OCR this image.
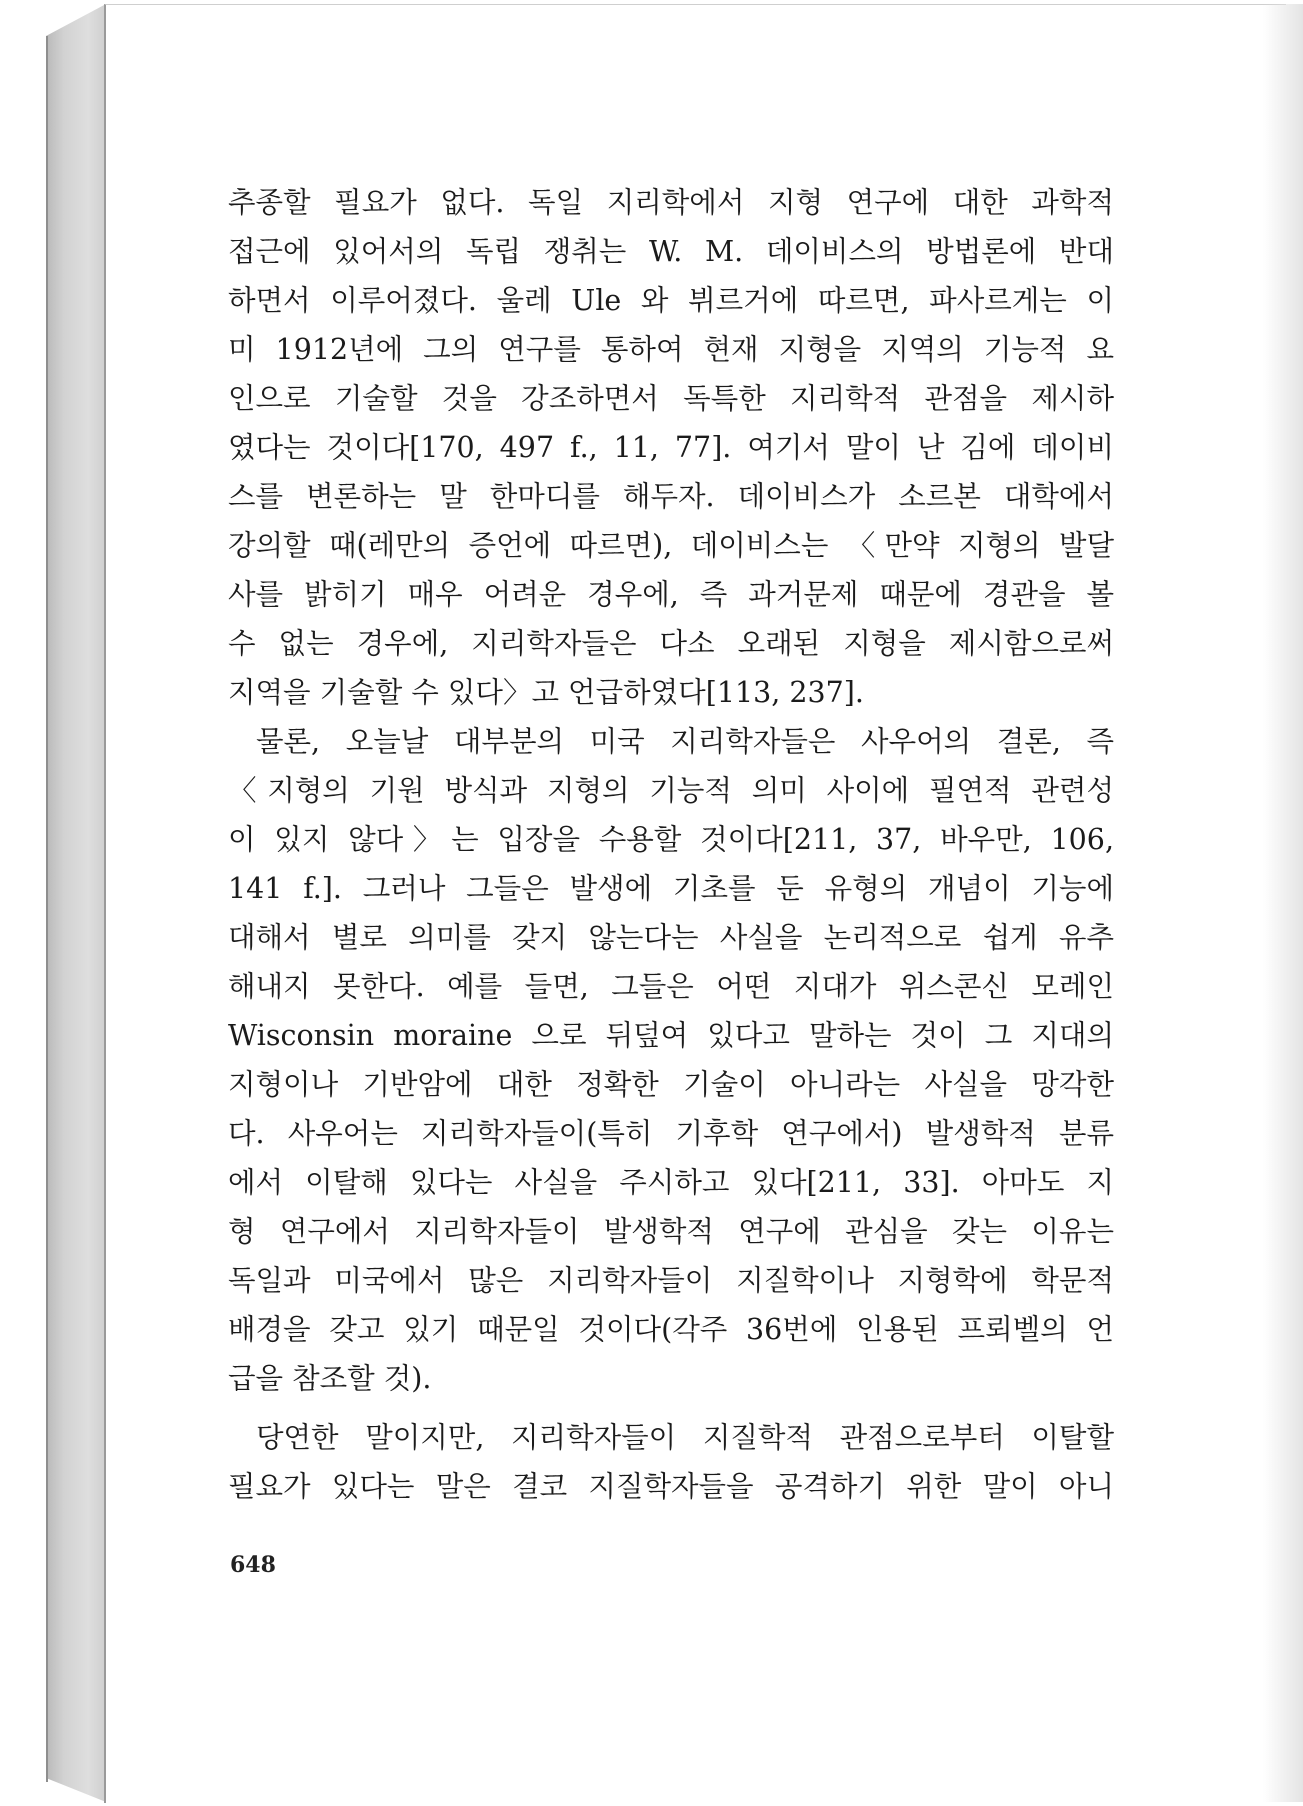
추종할 필요가 없다. 독일 지리학에서 지형 연구에 대한 과학적
접근에 있어서의 독립 쟁취는 W. M. 데이비스의 방법론에 반대
하면서 이루어졌다. 울레 Ule 와 뷔르거에 따르면, 파사르게는 이
미 1912년에 그의 연구를 통하여 현재 지형을 지역의 기능적 요
인으로 기술할 것을 강조하면서 독특한 지리학적 관점을 제시하
였다는 것이다[170, 497 f., 11, 77]. 여기서 말이 난 김에 데이비
스를 변론하는 말 한마디를 해두자. 데이비스가 소르본 대학에서
강의할 때(레만의 증언에 따르면), 데이비스는 〈만약 지형의 발달
사를 밝히기 매우 어려운 경우에, 즉 과거문제 때문에 경관을 볼
수 없는 경우에, 지리학자들은 다소 오래된 지형을 제시함으로써
지역을 기술할 수 있다〉고 언급하였다[113, 237].
물론, 오늘날 대부분의 미국 지리학자들은 사우어의 결론, 즉
〈지형의 기원 방식과 지형의 기능적 의미 사이에 필연적 관련성
이 있지 않다〉는 입장을 수용할 것이다[211, 37, 바우만, 106,
141 f.]. 그러나 그들은 발생에 기초를 둔 유형의 개념이 기능에
대해서 별로 의미를 갖지 않는다는 사실을 논리적으로 쉽게 유추
해내지 못한다. 예를 들면, 그들은 어떤 지대가 위스콘신 모레인
Wisconsin moraine 으로 뒤덮여 있다고 말하는 것이 그 지대의
지형이나 기반암에 대한 정확한 기술이 아니라는 사실을 망각한
다. 사우어는 지리학자들이(특히 기후학 연구에서) 발생학적 분류
에서 이탈해 있다는 사실을 주시하고 있다[211, 33]. 아마도 지
형 연구에서 지리학자들이 발생학적 연구에 관심을 갖는 이유는
독일과 미국에서 많은 지리학자들이 지질학이나 지형학에 학문적
배경을 갖고 있기 때문일 것이다(각주 36번에 인용된 프뢰벨의 언
급을 참조할 것).
당연한 말이지만, 지리학자들이 지질학적 관점으로부터 이탈할
필요가 있다는 말은 결코 지질학자들을 공격하기 위한 말이 아니
648
